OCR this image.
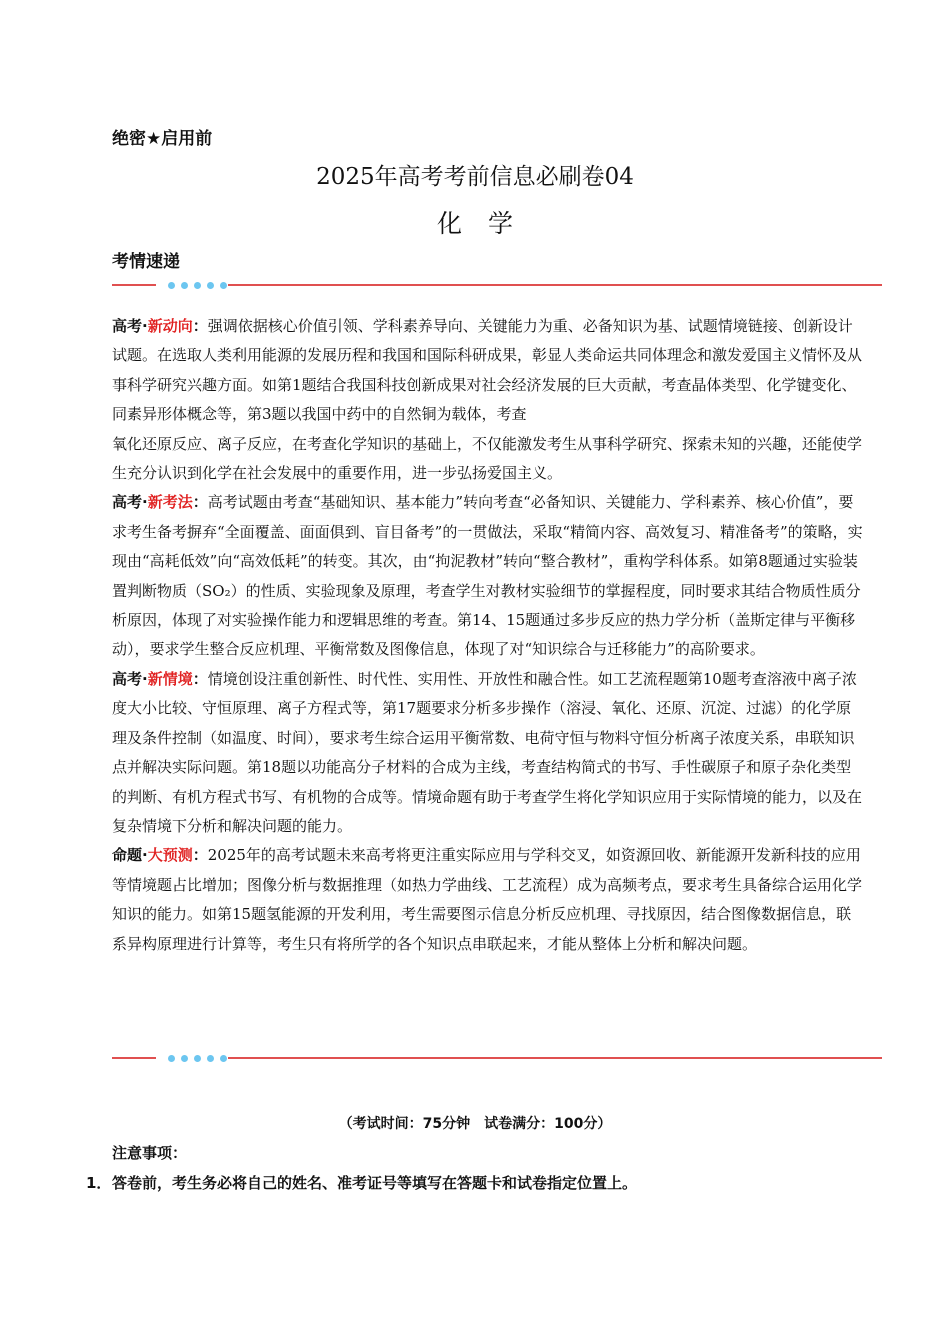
绝密★启用前
2025年高考考前信息必刷卷04
化学
考情速递

高考·新动向：强调依据核心价值引领、学科素养导向、关键能力为重、必备知识为基、试题情境链接、创新设计试题。在选取人类利用能源的发展历程和我国和国际科研成果，彰显人类命运共同体理念和激发爱国主义情怀及从事科学研究兴趣方面。如第1题结合我国科技创新成果对社会经济发展的巨大贡献，考查晶体类型、化学键变化、同素异形体概念等，第3题以我国中药中的自然铜为载体，考查
氧化还原反应、离子反应，在考查化学知识的基础上，不仅能激发考生从事科学研究、探索未知的兴趣，还能使学生充分认识到化学在社会发展中的重要作用，进一步弘扬爱国主义。

高考·新考法：高考试题由考查“基础知识、基本能力”转向考查“必备知识、关键能力、学科素养、核心价值”，要求考生备考摒弃“全面覆盖、面面俱到、盲目备考”的一贯做法，采取“精简内容、高效复习、精准备考”的策略，实现由“高耗低效”向“高效低耗”的转变。其次，由“拘泥教材”转向“整合教材”，重构学科体系。如第8题通过实验装置判断物质（SO₂）的性质、实验现象及原理，考查学生对教材实验细节的掌握程度，同时要求其结合物质性质分析原因，体现了对实验操作能力和逻辑思维的考查。第14、15题通过多步反应的热力学分析（盖斯定律与平衡移动），要求学生整合反应机理、平衡常数及图像信息，体现了对“知识综合与迁移能力”的高阶要求。

高考·新情境：情境创设注重创新性、时代性、实用性、开放性和融合性。如工艺流程题第10题考查溶液中离子浓度大小比较、守恒原理、离子方程式等，第17题要求分析多步操作（溶浸、氧化、还原、沉淀、过滤）的化学原理及条件控制（如温度、时间），要求考生综合运用平衡常数、电荷守恒与物料守恒分析离子浓度关系，串联知识点并解决实际问题。第18题以功能高分子材料的合成为主线，考查结构简式的书写、手性碳原子和原子杂化类型的判断、有机方程式书写、有机物的合成等。情境命题有助于考查学生将化学知识应用于实际情境的能力，以及在复杂情境下分析和解决问题的能力。

命题·大预测：2025年的高考试题未来高考将更注重实际应用与学科交叉，如资源回收、新能源开发新科技的应用等情境题占比增加；图像分析与数据推理（如热力学曲线、工艺流程）成为高频考点，要求考生具备综合运用化学知识的能力。如第15题氢能源的开发利用，考生需要图示信息分析反应机理、寻找原因，结合图像数据信息，联系异构原理进行计算等，考生只有将所学的各个知识点串联起来，才能从整体上分析和解决问题。

（考试时间：75分钟　试卷满分：100分）
注意事项：
1．答卷前，考生务必将自己的姓名、准考证号等填写在答题卡和试卷指定位置上。
